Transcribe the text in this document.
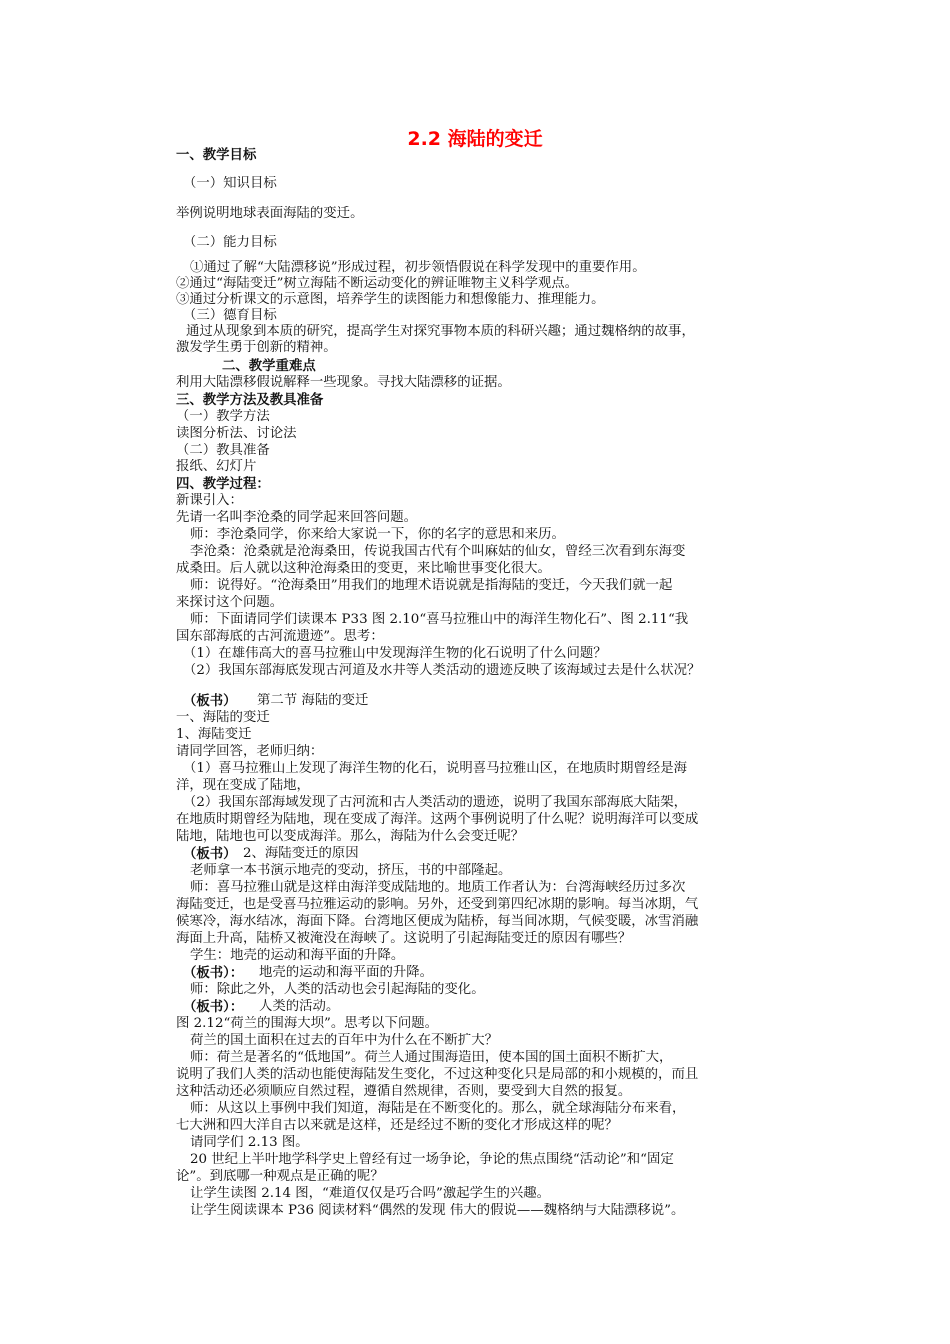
2.2 海陆的变迁
一、教学目标
（一）知识目标
举例说明地球表面海陆的变迁。
（二）能力目标
①通过了解“大陆漂移说”形成过程，初步领悟假说在科学发现中的重要作用。
②通过“海陆变迁”树立海陆不断运动变化的辨证唯物主义科学观点。
③通过分析课文的示意图，培养学生的读图能力和想像能力、推理能力。
（三）德育目标
通过从现象到本质的研究，提高学生对探究事物本质的科研兴趣；通过魏格纳的故事，
激发学生勇于创新的精神。
二、教学重难点
利用大陆漂移假说解释一些现象。寻找大陆漂移的证据。
三、教学方法及教具准备
（一）教学方法
读图分析法、讨论法
（二）教具准备
报纸、幻灯片
四、教学过程：
新课引入：
先请一名叫李沧桑的同学起来回答问题。
师：李沧桑同学，你来给大家说一下，你的名字的意思和来历。
李沧桑：沧桑就是沧海桑田，传说我国古代有个叫麻姑的仙女，曾经三次看到东海变
成桑田。后人就以这种沧海桑田的变更，来比喻世事变化很大。
师：说得好。“沧海桑田”用我们的地理术语说就是指海陆的变迁，今天我们就一起
来探讨这个问题。
师：下面请同学们读课本 P33 图 2.10“喜马拉雅山中的海洋生物化石”、图 2.11“我
国东部海底的古河流遗迹”。思考：
（1）在雄伟高大的喜马拉雅山中发现海洋生物的化石说明了什么问题？
（2）我国东部海底发现古河道及水井等人类活动的遗迹反映了该海域过去是什么状况？
（板书）	第二节 海陆的变迁
一、海陆的变迁
1、海陆变迁
请同学回答，老师归纳：
（1）喜马拉雅山上发现了海洋生物的化石，说明喜马拉雅山区，在地质时期曾经是海
洋，现在变成了陆地，
（2）我国东部海域发现了古河流和古人类活动的遗迹，说明了我国东部海底大陆架，
在地质时期曾经为陆地，现在变成了海洋。这两个事例说明了什么呢？说明海洋可以变成
陆地，陆地也可以变成海洋。那么，海陆为什么会变迁呢？
（板书） 2、海陆变迁的原因
老师拿一本书演示地壳的变动，挤压，书的中部隆起。
师：喜马拉雅山就是这样由海洋变成陆地的。地质工作者认为：台湾海峡经历过多次
海陆变迁，也是受喜马拉雅运动的影响。另外，还受到第四纪冰期的影响。每当冰期，气
候寒冷，海水结冰，海面下降。台湾地区便成为陆桥，每当间冰期，气候变暖，冰雪消融
海面上升高，陆桥又被淹没在海峡了。这说明了引起海陆变迁的原因有哪些？
学生：地壳的运动和海平面的升降。
（板书）：	地壳的运动和海平面的升降。
师：除此之外，人类的活动也会引起海陆的变化。
（板书）：	人类的活动。
图 2.12“荷兰的围海大坝”。思考以下问题。
荷兰的国土面积在过去的百年中为什么在不断扩大？
师：荷兰是著名的“低地国”。荷兰人通过围海造田，使本国的国土面积不断扩大，
说明了我们人类的活动也能使海陆发生变化，不过这种变化只是局部的和小规模的，而且
这种活动还必须顺应自然过程，遵循自然规律，否则，要受到大自然的报复。
师：从这以上事例中我们知道，海陆是在不断变化的。那么，就全球海陆分布来看，
七大洲和四大洋自古以来就是这样，还是经过不断的变化才形成这样的呢？
请同学们 2.13 图。
20 世纪上半叶地学科学史上曾经有过一场争论，争论的焦点围绕“活动论”和“固定
论”。到底哪一种观点是正确的呢？
让学生读图 2.14 图，“难道仅仅是巧合吗”激起学生的兴趣。
让学生阅读课本 P36 阅读材料“偶然的发现 伟大的假说——魏格纳与大陆漂移说”。
